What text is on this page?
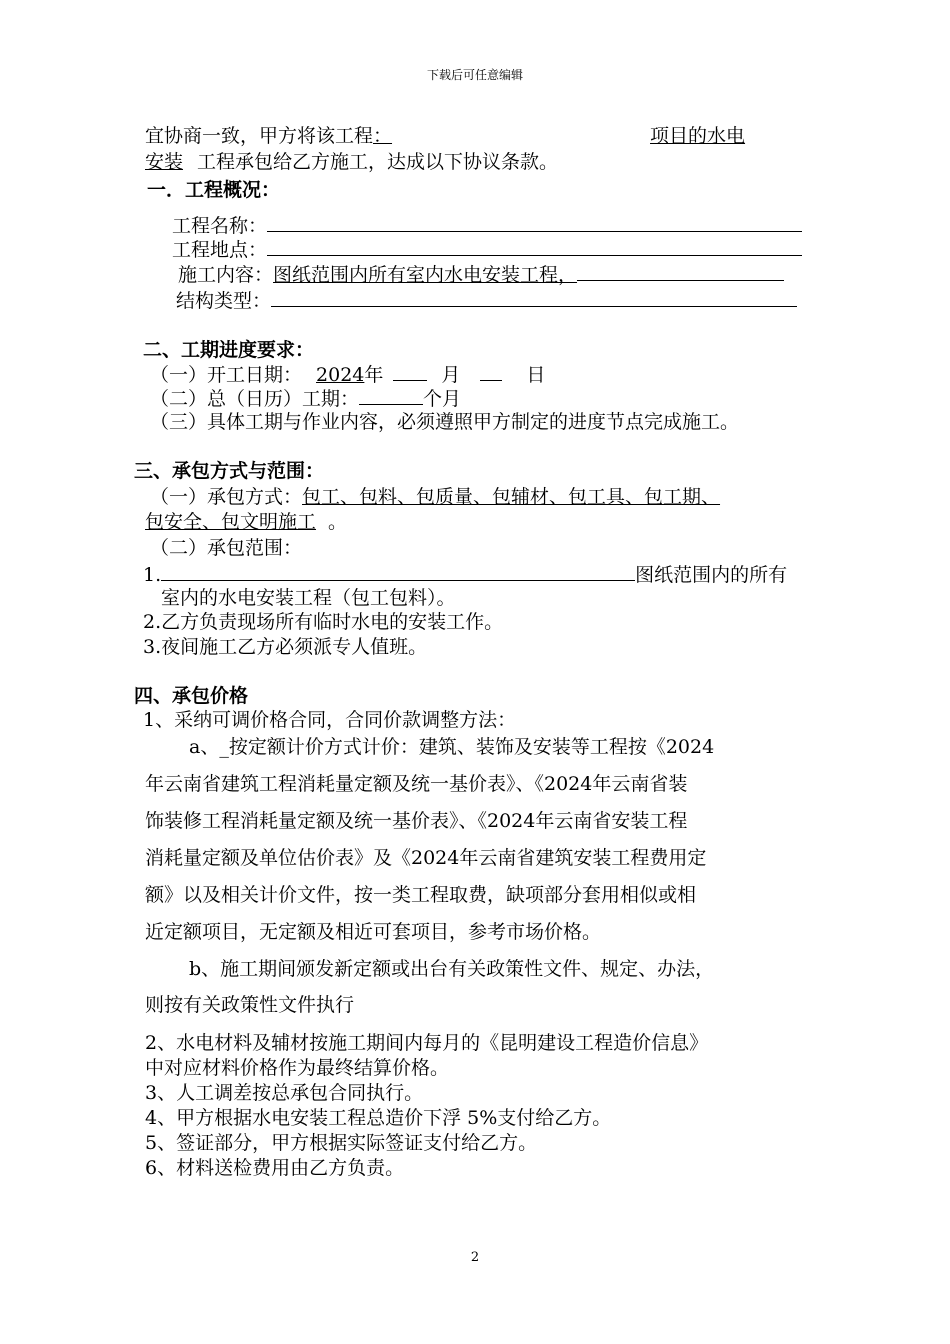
下载后可任意编辑
宜协商一致，甲方将该工程：	项目的水电
安装 工程承包给乙方施工，达成以下协议条款。
一．工程概况：
工程名称：
工程地点：
施工内容：图纸范围内所有室内水电安装工程，
结构类型：
二、工期进度要求：
（一）开工日期： 2024年	月	日
（二）总（日历）工期：	个月
（三）具体工期与作业内容，必须遵照甲方制定的进度节点完成施工。
三、承包方式与范围：
（一）承包方式：包工、包料、包质量、包辅材、包工具、包工期、
包安全、包文明施工 。
（二）承包范围：
1.	图纸范围内的所有
室内的水电安装工程（包工包料）。
2.乙方负责现场所有临时水电的安装工作。
3.夜间施工乙方必须派专人值班。
四、承包价格
1、采纳可调价格合同，合同价款调整方法：
a、_按定额计价方式计价：建筑、装饰及安装等工程按《2024
年云南省建筑工程消耗量定额及统一基价表》、《2024年云南省装
饰装修工程消耗量定额及统一基价表》、《2024年云南省安装工程
消耗量定额及单位估价表》及《2024年云南省建筑安装工程费用定
额》以及相关计价文件，按一类工程取费，缺项部分套用相似或相
近定额项目，无定额及相近可套项目，参考市场价格。
b、施工期间颁发新定额或出台有关政策性文件、规定、办法，
则按有关政策性文件执行
2、水电材料及辅材按施工期间内每月的《昆明建设工程造价信息》
中对应材料价格作为最终结算价格。
3、人工调差按总承包合同执行。
4、甲方根据水电安装工程总造价下浮 5%支付给乙方。
5、签证部分，甲方根据实际签证支付给乙方。
6、材料送检费用由乙方负责。
2
